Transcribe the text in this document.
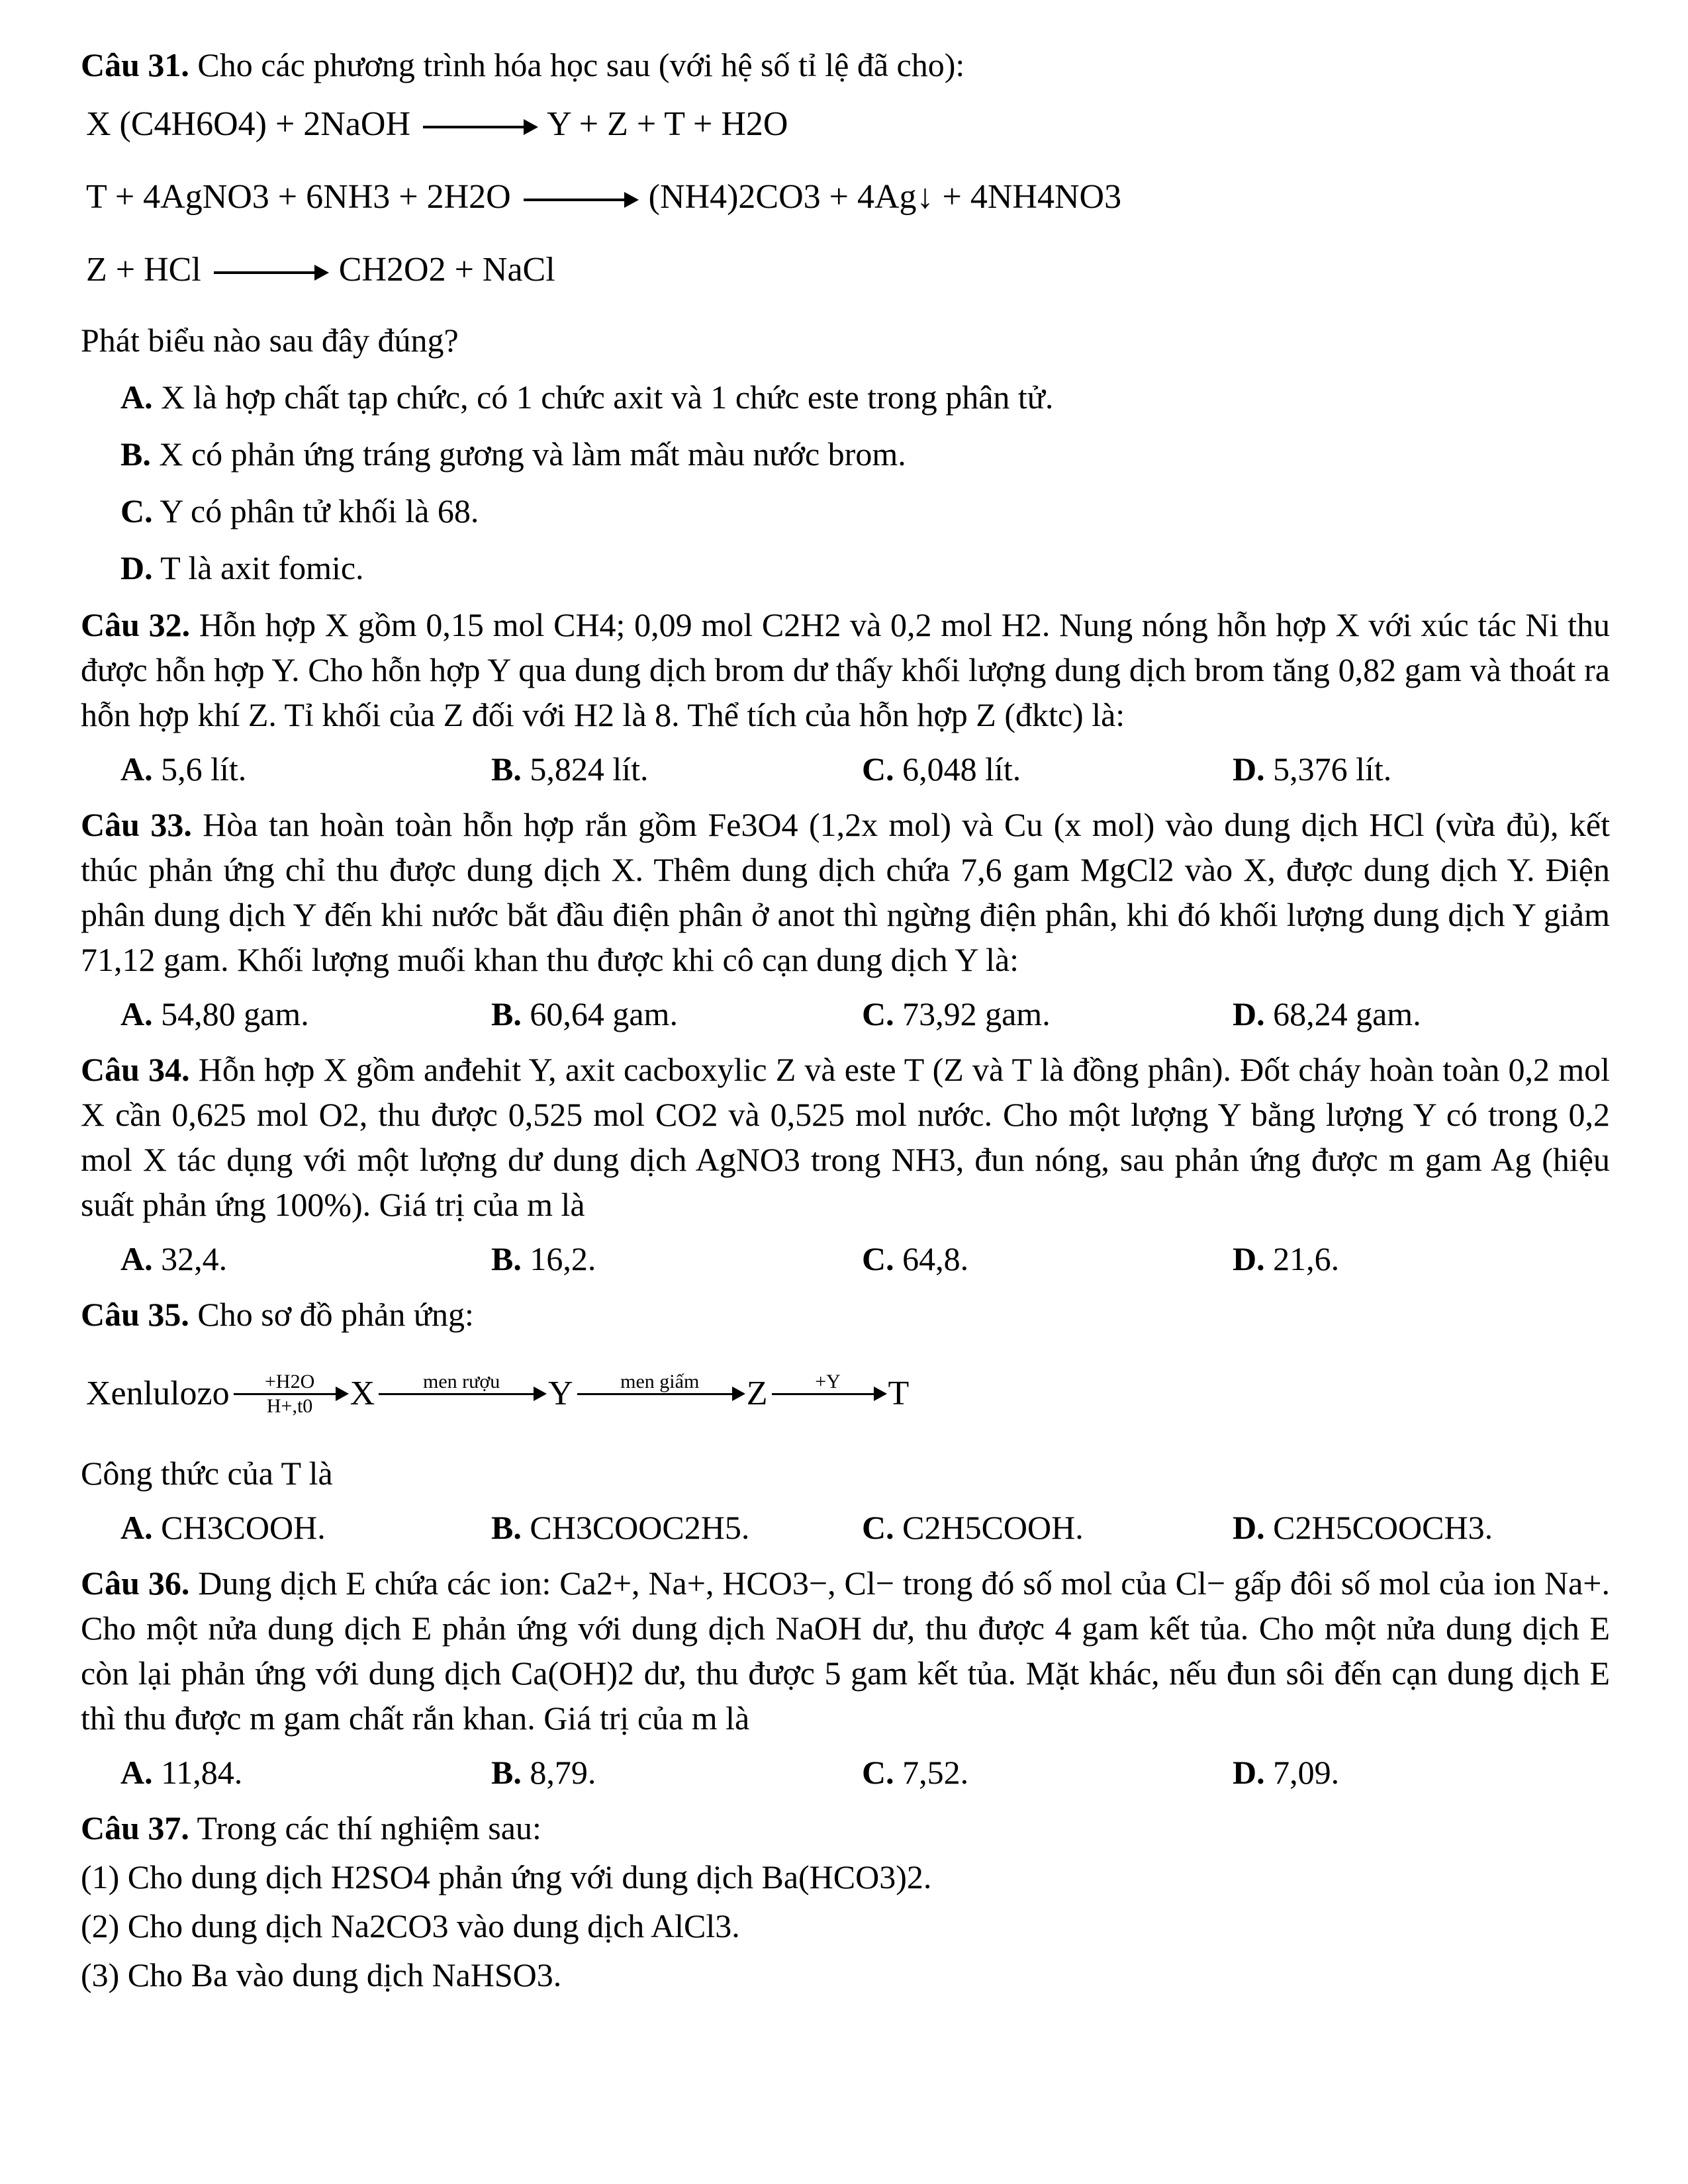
Câu 31. Cho các phương trình hóa học sau (với hệ số tỉ lệ đã cho):
X (C4H6O4) + 2NaOH	Y + Z + T + H2O
T + 4AgNO3 + 6NH3 + 2H2O	(NH4)2CO3 + 4Ag↓ + 4NH4NO3
Z + HCl	CH2O2 + NaCl
Phát biểu nào sau đây đúng?
A. X là hợp chất tạp chức, có 1 chức axit và 1 chức este trong phân tử.
B. X có phản ứng tráng gương và làm mất màu nước brom.
C. Y có phân tử khối là 68.
D. T là axit fomic.
Câu 32. Hỗn hợp X gồm 0,15 mol CH4; 0,09 mol C2H2 và 0,2 mol H2. Nung nóng hỗn hợp X với xúc tác Ni thu được hỗn hợp Y. Cho hỗn hợp Y qua dung dịch brom dư thấy khối lượng dung dịch brom tăng 0,82 gam và thoát ra hỗn hợp khí Z. Tỉ khối của Z đối với H2 là 8. Thể tích của hỗn hợp Z (đktc) là:
A. 5,6 lít.	B. 5,824 lít.	C. 6,048 lít.	D. 5,376 lít.
Câu 33. Hòa tan hoàn toàn hỗn hợp rắn gồm Fe3O4 (1,2x mol) và Cu (x mol) vào dung dịch HCl (vừa đủ), kết thúc phản ứng chỉ thu được dung dịch X. Thêm dung dịch chứa 7,6 gam MgCl2 vào X, được dung dịch Y. Điện phân dung dịch Y đến khi nước bắt đầu điện phân ở anot thì ngừng điện phân, khi đó khối lượng dung dịch Y giảm 71,12 gam. Khối lượng muối khan thu được khi cô cạn dung dịch Y là:
A. 54,80 gam.	B. 60,64 gam.	C. 73,92 gam.	D. 68,24 gam.
Câu 34. Hỗn hợp X gồm anđehit Y, axit cacboxylic Z và este T (Z và T là đồng phân). Đốt cháy hoàn toàn 0,2 mol X cần 0,625 mol O2, thu được 0,525 mol CO2 và 0,525 mol nước. Cho một lượng Y bằng lượng Y có trong 0,2 mol X tác dụng với một lượng dư dung dịch AgNO3 trong NH3, đun nóng, sau phản ứng được m gam Ag (hiệu suất phản ứng 100%). Giá trị của m là
A. 32,4.	B. 16,2.	C. 64,8.	D. 21,6.
Câu 35. Cho sơ đồ phản ứng:
Xenlulozo +H2O
H+,t0 X men rượu Y men giấm Z +Y T
Công thức của T là
A. CH3COOH.	B. CH3COOC2H5.	C. C2H5COOH.	D. C2H5COOCH3.
Câu 36. Dung dịch E chứa các ion: Ca2+, Na+, HCO3−, Cl− trong đó số mol của Cl− gấp đôi số mol của ion Na+. Cho một nửa dung dịch E phản ứng với dung dịch NaOH dư, thu được 4 gam kết tủa. Cho một nửa dung dịch E còn lại phản ứng với dung dịch Ca(OH)2 dư, thu được 5 gam kết tủa. Mặt khác, nếu đun sôi đến cạn dung dịch E thì thu được m gam chất rắn khan. Giá trị của m là
A. 11,84.	B. 8,79.	C. 7,52.	D. 7,09.
Câu 37. Trong các thí nghiệm sau:
(1) Cho dung dịch H2SO4 phản ứng với dung dịch Ba(HCO3)2.
(2) Cho dung dịch Na2CO3 vào dung dịch AlCl3.
(3) Cho Ba vào dung dịch NaHSO3.
